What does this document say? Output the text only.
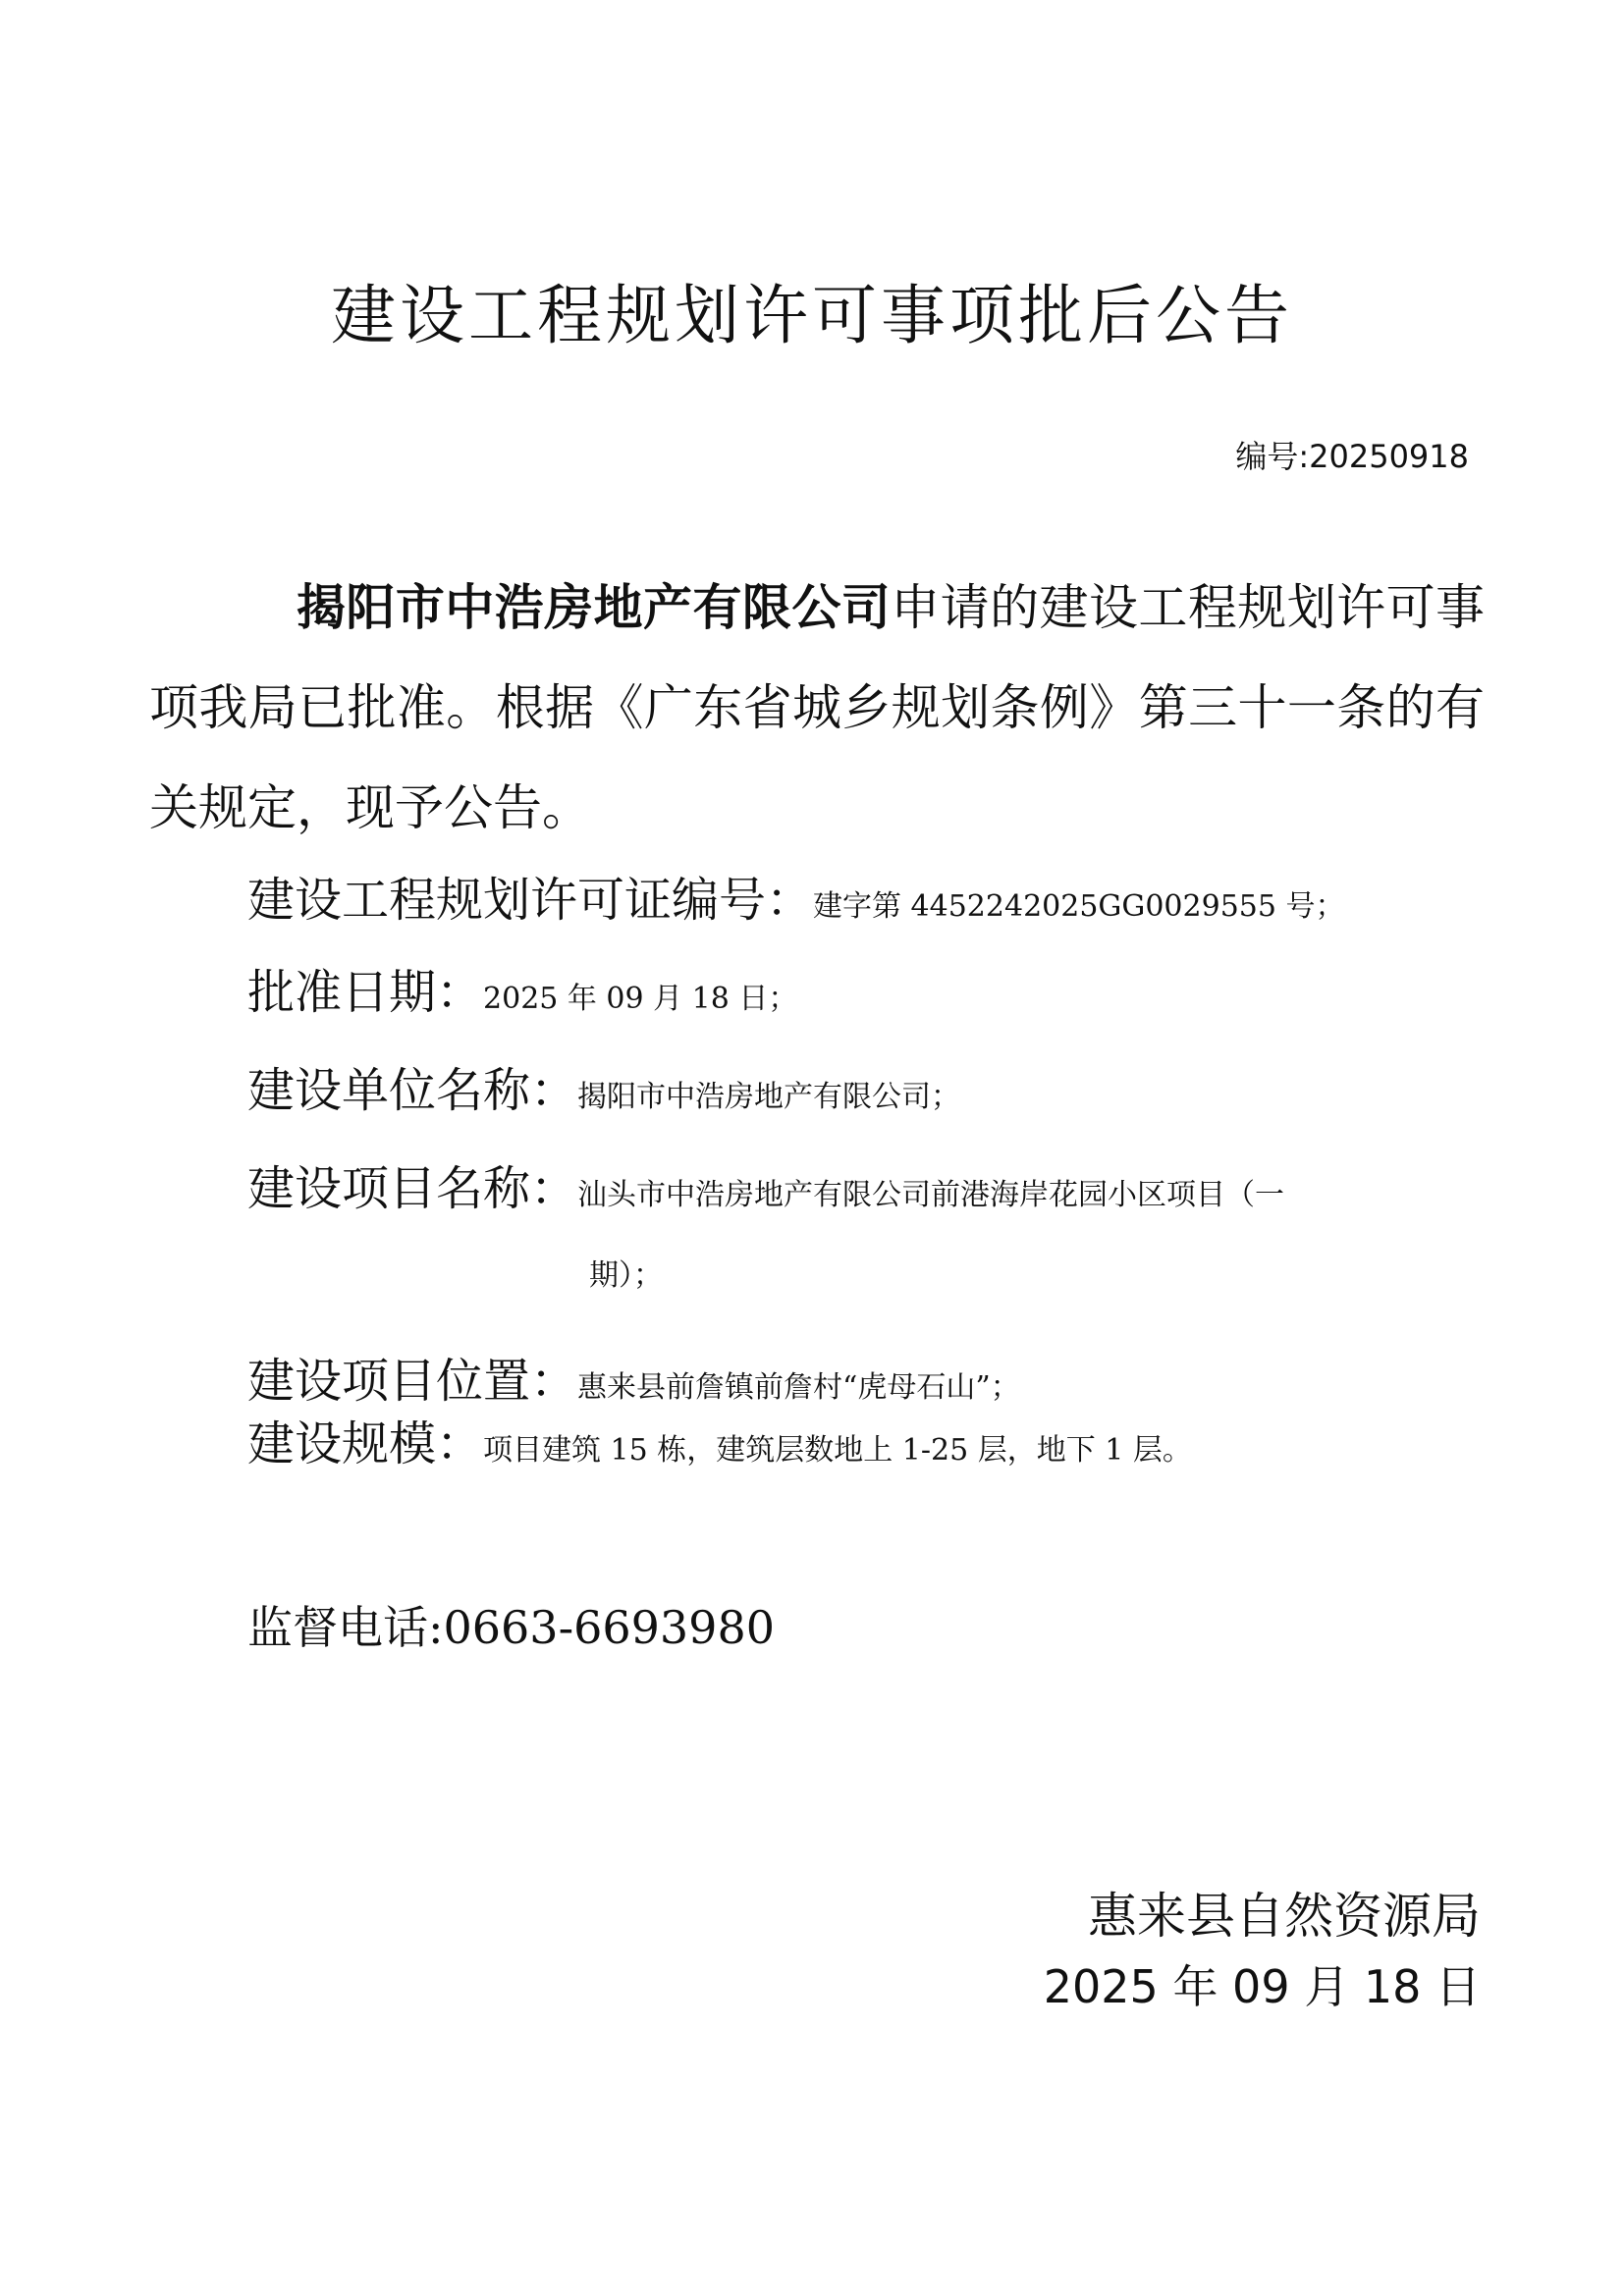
建设工程规划许可事项批后公告
编号:20250918

揭阳市中浩房地产有限公司申请的建设工程规划许可事项我局已批准。根据《广东省城乡规划条例》第三十一条的有关规定，现予公告。

建设工程规划许可证编号：建字第 4452242025GG0029555 号；
批准日期：2025 年 09 月 18 日；
建设单位名称：揭阳市中浩房地产有限公司；
建设项目名称：汕头市中浩房地产有限公司前港海岸花园小区项目（一
期）；
建设项目位置：惠来县前詹镇前詹村“虎母石山”；
建设规模：项目建筑 15 栋，建筑层数地上 1-25 层，地下 1 层。
监督电话:0663-6693980
惠来县自然资源局
2025 年 09 月 18 日
